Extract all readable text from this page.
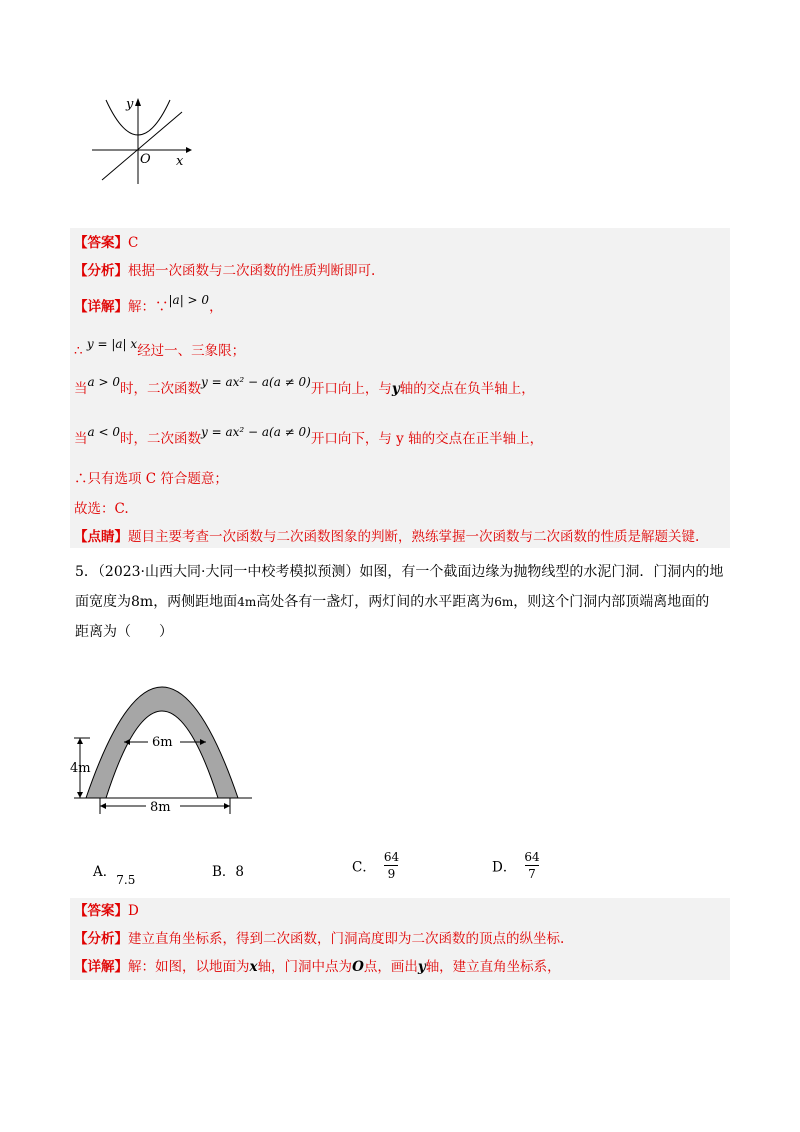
y
x
O
【答案】C
【分析】根据一次函数与二次函数的性质判断即可.
【详解】解：∵|a| > 0，
∴ y = |a| x经过一、三象限；
当a > 0时，二次函数y = ax² − a(a ≠ 0)开口向上，与y轴的交点在负半轴上，
当a < 0时，二次函数y = ax² − a(a ≠ 0)开口向下，与 y 轴的交点在正半轴上，
∴只有选项 C 符合题意；
故选：C.
【点睛】题目主要考查一次函数与二次函数图象的判断，熟练掌握一次函数与二次函数的性质是解题关键.
5．（2023·山西大同·大同一中校考模拟预测）如图，有一个截面边缘为抛物线型的水泥门洞．门洞内的地
面宽度为8m，两侧距地面4m高处各有一盏灯，两灯间的水平距离为6m，则这个门洞内部顶端离地面的
距离为（　　）
4m
6m
8m
A．7.5	B．8	C． $\frac{64}{9}$	D． $\frac{64}{7}$
【答案】D
【分析】建立直角坐标系，得到二次函数，门洞高度即为二次函数的顶点的纵坐标.
【详解】解：如图，以地面为x轴，门洞中点为O点，画出y轴，建立直角坐标系，
